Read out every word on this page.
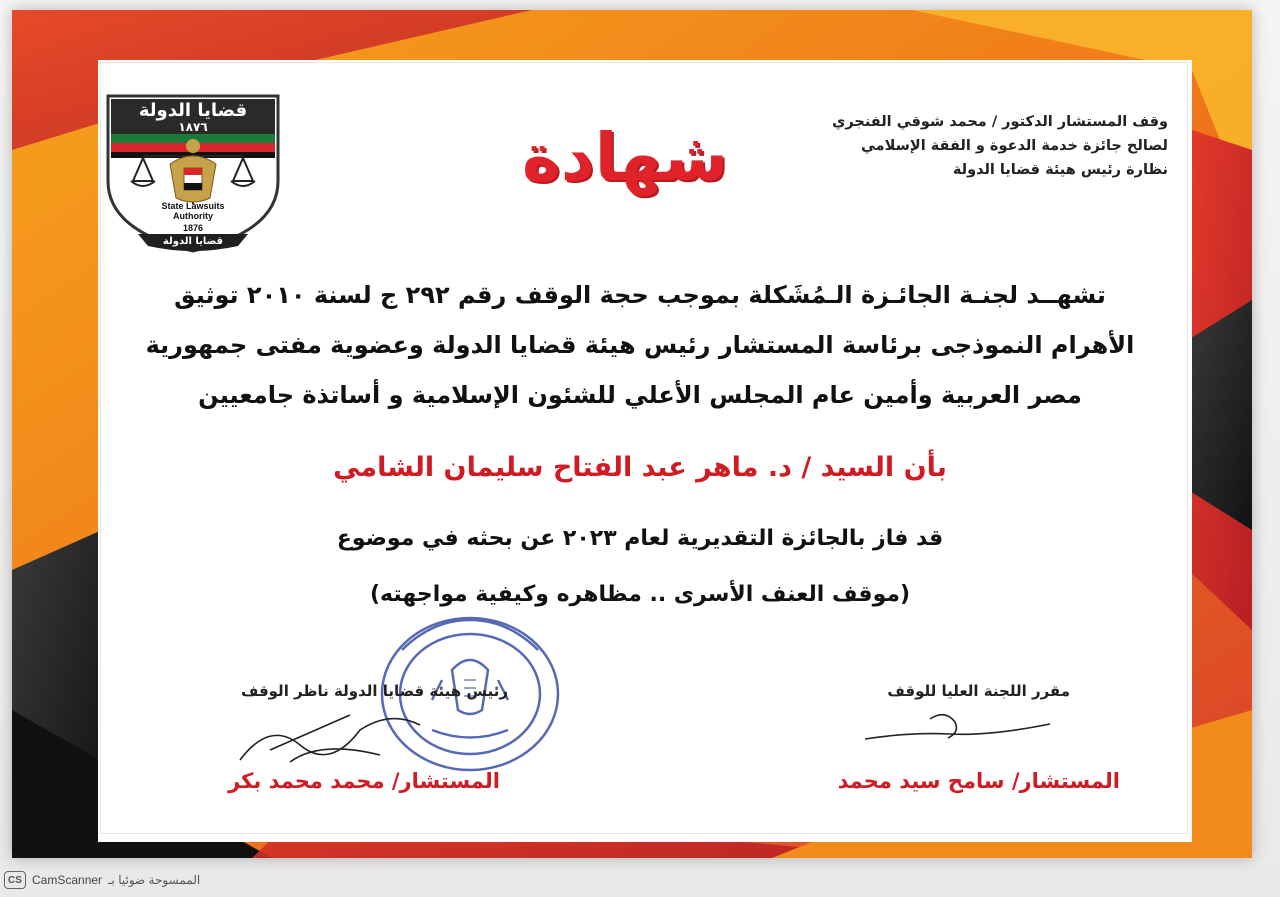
قضايا الدولة
١٨٧٦
State Lawsuits
Authority
1876
قضايا الدولة
شهادة	وقف المستشار الدكتور / محمد شوقي الفنجري
لصالح جائزة خدمة الدعوة و الفقة الإسلامي
نظارة رئيس هيئة قضايا الدولة
تشهــد لجنـة الجائـزة الـمُشَكلة بموجب حجة الوقف رقم ٢٩٢ ج لسنة ٢٠١٠ توثيق
الأهرام النموذجى برئاسة المستشار رئيس هيئة قضايا الدولة وعضوية مفتى جمهورية
مصر العربية وأمين عام المجلس الأعلي للشئون الإسلامية و أساتذة جامعيين
بأن السيد / د. ماهر عبد الفتاح سليمان الشامي
قد فاز بالجائزة التقديرية لعام ٢٠٢٣ عن بحثه في موضوع
(موقف العنف الأسرى .. مظاهره وكيفية مواجهته)
رئيس هيئة قضايا الدولة ناظر الوقف
المستشار/ محمد محمد بكر
مقرر اللجنة العليا للوقف
المستشار/ سامح سيد محمد
CS CamScanner الممسوحة ضوئيا بـ
